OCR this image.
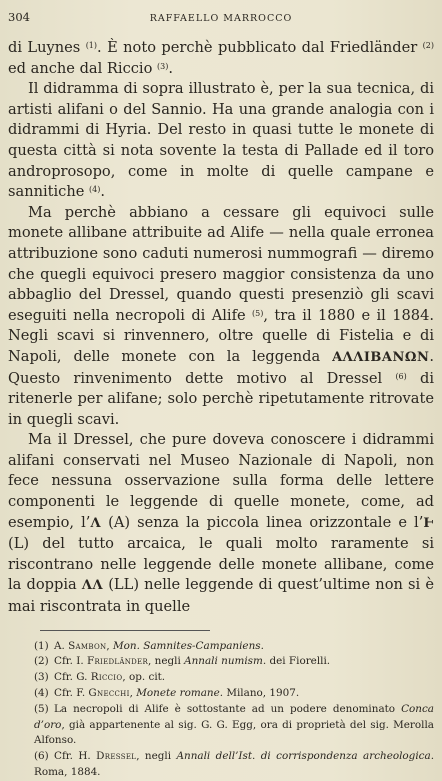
304	RAFFAELLO MARROCCO

di Luynes $^{(1)}$. È noto perchè pubblicato dal Friedländer $^{(2)}$ ed anche dal Riccio $^{(3)}$.

Il didramma di sopra illustrato è, per la sua tecnica, di artisti alifani o del Sannio. Ha una grande analogia con i didrammi di Hyria. Del resto in quasi tutte le monete di questa città si nota sovente la testa di Pallade ed il toro androprosopo, come in molte di quelle campane e sannitiche $^{(4)}$.

Ma perchè abbiano a cessare gli equivoci sulle monete allibane attribuite ad Alife — nella quale erronea attribuzione sono caduti numerosi nummografi — diremo che quegli equivoci presero maggior consistenza da uno abbaglio del Dressel, quando questi presenziò gli scavi eseguiti nella necropoli di Alife $^{(5)}$, tra il 1880 e il 1884. Negli scavi si rinvennero, oltre quelle di Fistelia e di Napoli, delle monete con la leggenda ΑΛΛΙΒΑΝΩΝ. Questo rinvenimento dette motivo al Dressel $^{(6)}$ di ritenerle per alifane; solo perchè ripetutamente ritrovate in quegli scavi.

Ma il Dressel, che pure doveva conoscere i didrammi alifani conservati nel Museo Nazionale di Napoli, non fece nessuna osservazione sulla forma delle lettere componenti le leggende di quelle monete, come, ad esempio, l’Λ (A) senza la piccola linea orizzontale e l’Ͱ (L) del tutto arcaica, le quali molto raramente si riscontrano nelle leggende delle monete allibane, come la doppia ΛΛ (LL) nelle leggende di quest’ultime non si è mai riscontrata in quelle

(1) A. Sambon, Mon. Samnites-Campaniens.
(2) Cfr. I. Friedländer, negli Annali numism. dei Fiorelli.
(3) Cfr. G. Riccio, op. cit.
(4) Cfr. F. Gnecchi, Monete romane. Milano, 1907.
(5) La necropoli di Alife è sottostante ad un podere denominato Conca d’oro, già appartenente al sig. G. G. Egg, ora di proprietà del sig. Merolla Alfonso.
(6) Cfr. H. Dressel, negli Annali dell’Ist. di corrispondenza archeologica. Roma, 1884.
